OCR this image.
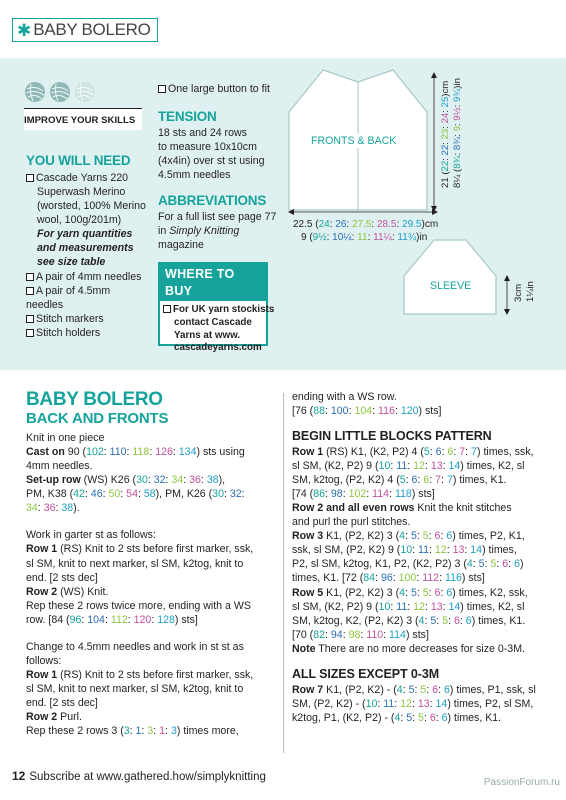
✱ BABY BOLERO
IMPROVE YOUR SKILLS
YOU WILL NEED
Cascade Yarns 220
Superwash Merino
(worsted, 100% Merino
wool, 100g/201m)
For yarn quantities
and measurements
see size table
A pair of 4mm needles
A pair of 4.5mm
needles
Stitch markers
Stitch holders
One large button to fit
TENSION
18 sts and 24 rows
to measure 10x10cm
(4x4in) over st st using
4.5mm needles
ABBREVIATIONS
For a full list see page 77
in Simply Knitting
magazine
WHERE TO BUY
For UK yarn stockists
contact Cascade
Yarns at www.
cascadeyarns.com
FRONTS & BACK
22.5 (24: 26: 27.5: 28.5: 29.5)cm
9 (9½: 10¼: 11: 11¼: 11¾)in
21 (22: 22: 23: 24: 25)cm
8¼ (8¾: 8¾: 9: 9½: 9¾)in
SLEEVE	3cm 1¼in
BABY BOLERO
BACK AND FRONTS
Knit in one piece
Cast on 90 (102: 110: 118: 126: 134) sts using
4mm needles.
Set-up row (WS) K26 (30: 32: 34: 36: 38),
PM, K38 (42: 46: 50: 54: 58), PM, K26 (30: 32:
34: 36: 38).
Work in garter st as follows:
Row 1 (RS) Knit to 2 sts before first marker, ssk,
sl SM, knit to next marker, sl SM, k2tog, knit to
end. [2 sts dec]
Row 2 (WS) Knit.
Rep these 2 rows twice more, ending with a WS
row. [84 (96: 104: 112: 120: 128) sts]
Change to 4.5mm needles and work in st st as
follows:
Row 1 (RS) Knit to 2 sts before first marker, ssk,
sl SM, knit to next marker, sl SM, k2tog, knit to
end. [2 sts dec]
Row 2 Purl.
Rep these 2 rows 3 (3: 1: 3: 1: 3) times more,
ending with a WS row.
[76 (88: 100: 104: 116: 120) sts]
BEGIN LITTLE BLOCKS PATTERN
Row 1 (RS) K1, (K2, P2) 4 (5: 6: 6: 7: 7) times, ssk,
sl SM, (K2, P2) 9 (10: 11: 12: 13: 14) times, K2, sl
SM, k2tog, (P2, K2) 4 (5: 6: 6: 7: 7) times, K1.
[74 (86: 98: 102: 114: 118) sts]
Row 2 and all even rows Knit the knit stitches
and purl the purl stitches.
Row 3 K1, (P2, K2) 3 (4: 5: 5: 6: 6) times, P2, K1,
ssk, sl SM, (P2, K2) 9 (10: 11: 12: 13: 14) times,
P2, sl SM, k2tog, K1, P2, (K2, P2) 3 (4: 5: 5: 6: 6)
times, K1. [72 (84: 96: 100: 112: 116) sts]
Row 5 K1, (P2, K2) 3 (4: 5: 5: 6: 6) times, K2, ssk,
sl SM, (K2, P2) 9 (10: 11: 12: 13: 14) times, K2, sl
SM, k2tog, K2, (P2, K2) 3 (4: 5: 5: 6: 6) times, K1.
[70 (82: 94: 98: 110: 114) sts]
Note There are no more decreases for size 0-3M.
ALL SIZES EXCEPT 0-3M
Row 7 K1, (P2, K2) - (4: 5: 5: 6: 6) times, P1, ssk, sl
SM, (P2, K2) - (10: 11: 12: 13: 14) times, P2, sl SM,
k2tog, P1, (K2, P2) - (4: 5: 5: 6: 6) times, K1.
12 Subscribe at www.gathered.how/simplyknitting	PassionForum.ru
